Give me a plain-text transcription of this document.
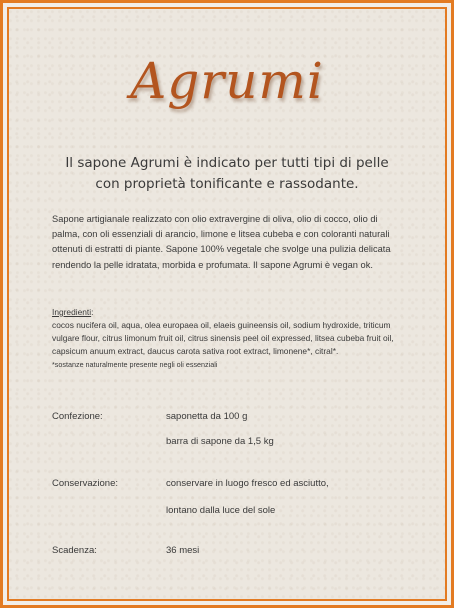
Agrumi
Il sapone Agrumi è indicato per tutti tipi di pelle con proprietà tonificante e rassodante.
Sapone artigianale realizzato con olio extravergine di oliva, olio di cocco, olio di palma, con oli essenziali di arancio, limone e litsea cubeba e con coloranti naturali ottenuti di estratti di piante. Sapone 100% vegetale che svolge una pulizia delicata rendendo la pelle idratata, morbida e profumata. Il sapone Agrumi è vegan ok.
Ingredienti:
cocos nucifera oil, aqua, olea europaea oil, elaeis guineensis oil, sodium hydroxide, triticum vulgare flour, citrus limonum fruit oil, citrus sinensis peel oil expressed, litsea cubeba fruit oil, capsicum anuum extract, daucus carota sativa root extract, limonene*, citral*.
*sostanze naturalmente presente negli oli essenziali
Confezione:	saponetta da 100 g
barra di sapone da 1,5 kg
Conservazione:	conservare in luogo fresco ed asciutto,
lontano dalla luce del sole
Scadenza:	36 mesi
